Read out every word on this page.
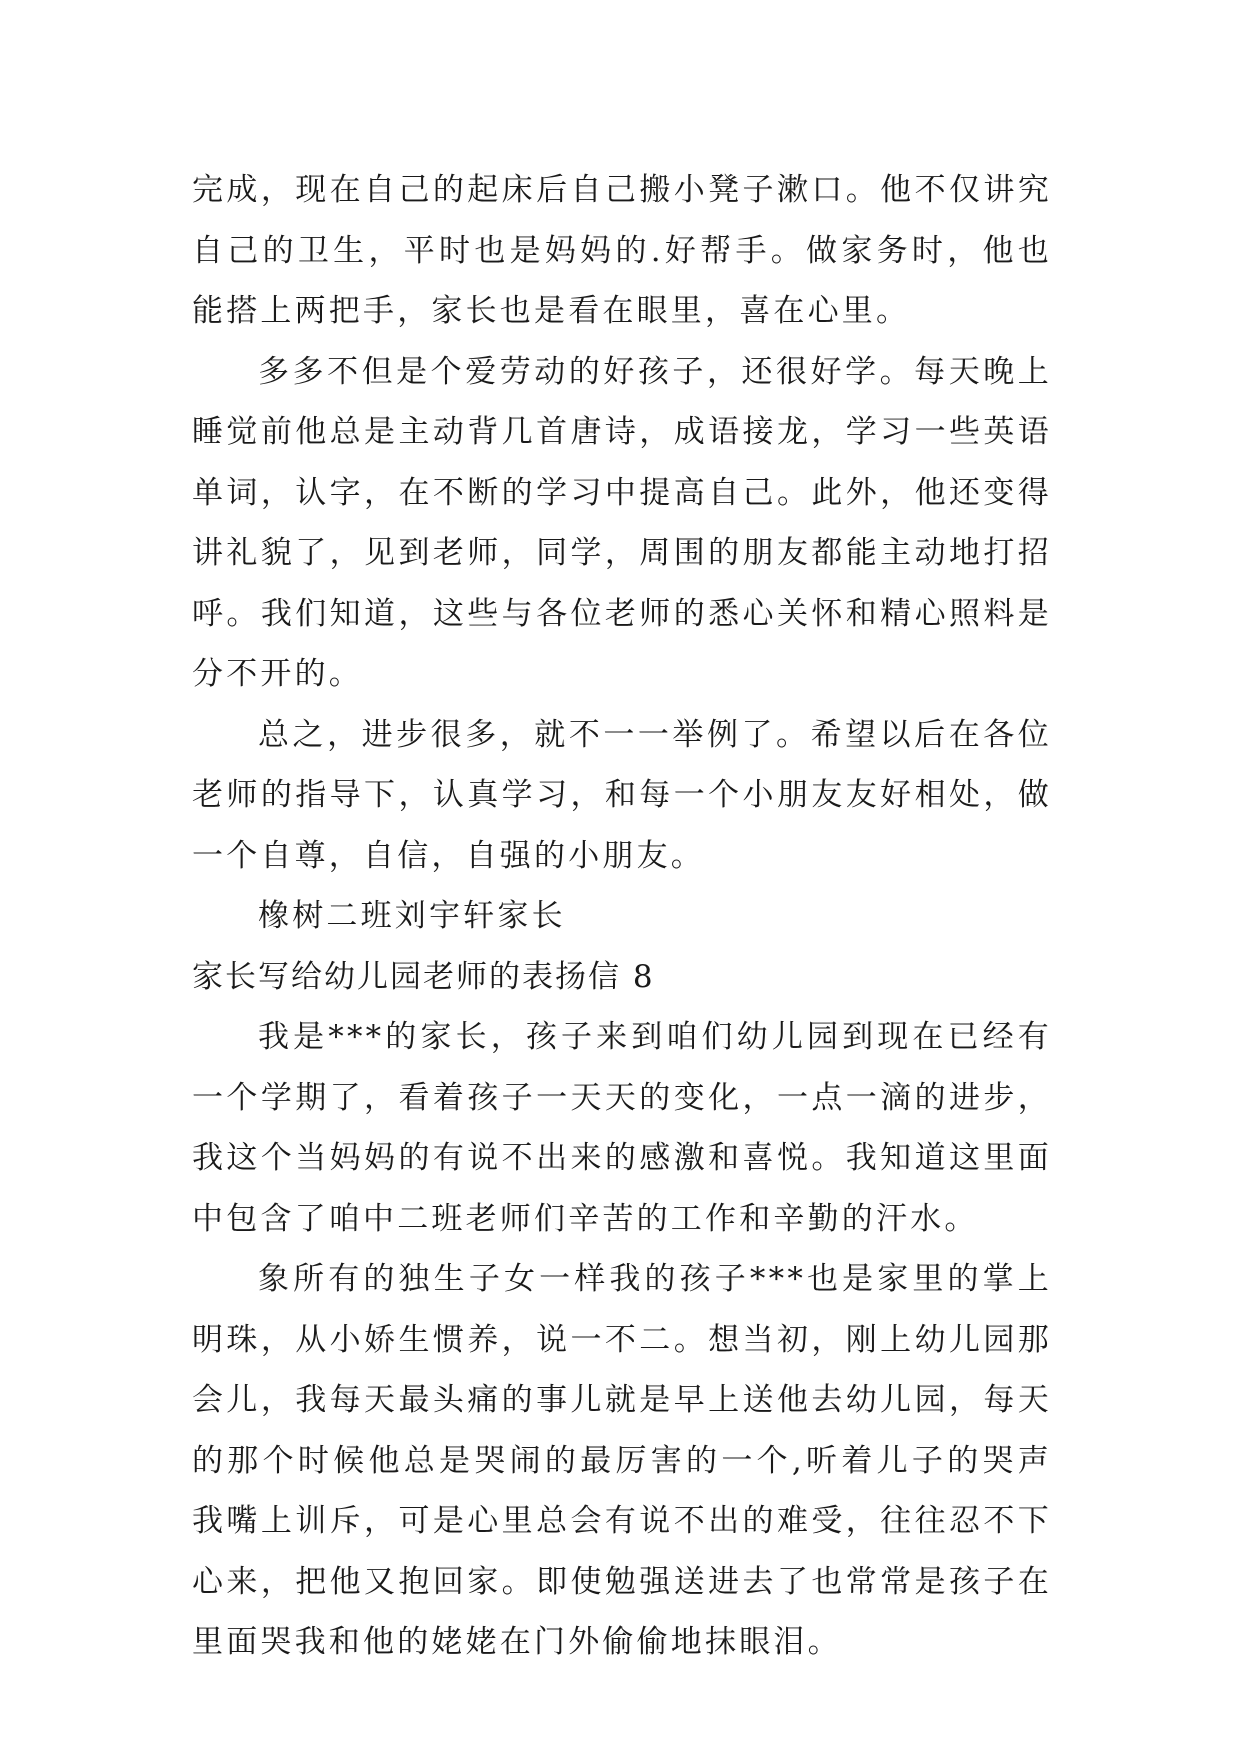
完成，现在自己的起床后自己搬小凳子漱口。他不仅讲究自己的卫生，平时也是妈妈的.好帮手。做家务时，他也能搭上两把手，家长也是看在眼里，喜在心里。

多多不但是个爱劳动的好孩子，还很好学。每天晚上睡觉前他总是主动背几首唐诗，成语接龙，学习一些英语单词，认字，在不断的学习中提高自己。此外，他还变得讲礼貌了，见到老师，同学，周围的朋友都能主动地打招呼。我们知道，这些与各位老师的悉心关怀和精心照料是分不开的。

总之，进步很多，就不一一举例了。希望以后在各位老师的指导下，认真学习，和每一个小朋友友好相处，做一个自尊，自信，自强的小朋友。

橡树二班刘宇轩家长

家长写给幼儿园老师的表扬信 8

我是***的家长，孩子来到咱们幼儿园到现在已经有一个学期了，看着孩子一天天的变化，一点一滴的进步，我这个当妈妈的有说不出来的感激和喜悦。我知道这里面中包含了咱中二班老师们辛苦的工作和辛勤的汗水。

象所有的独生子女一样我的孩子***也是家里的掌上明珠，从小娇生惯养，说一不二。想当初，刚上幼儿园那会儿，我每天最头痛的事儿就是早上送他去幼儿园，每天的那个时候他总是哭闹的最厉害的一个,听着儿子的哭声我嘴上训斥，可是心里总会有说不出的难受，往往忍不下心来，把他又抱回家。即使勉强送进去了也常常是孩子在里面哭我和他的姥姥在门外偷偷地抹眼泪。
